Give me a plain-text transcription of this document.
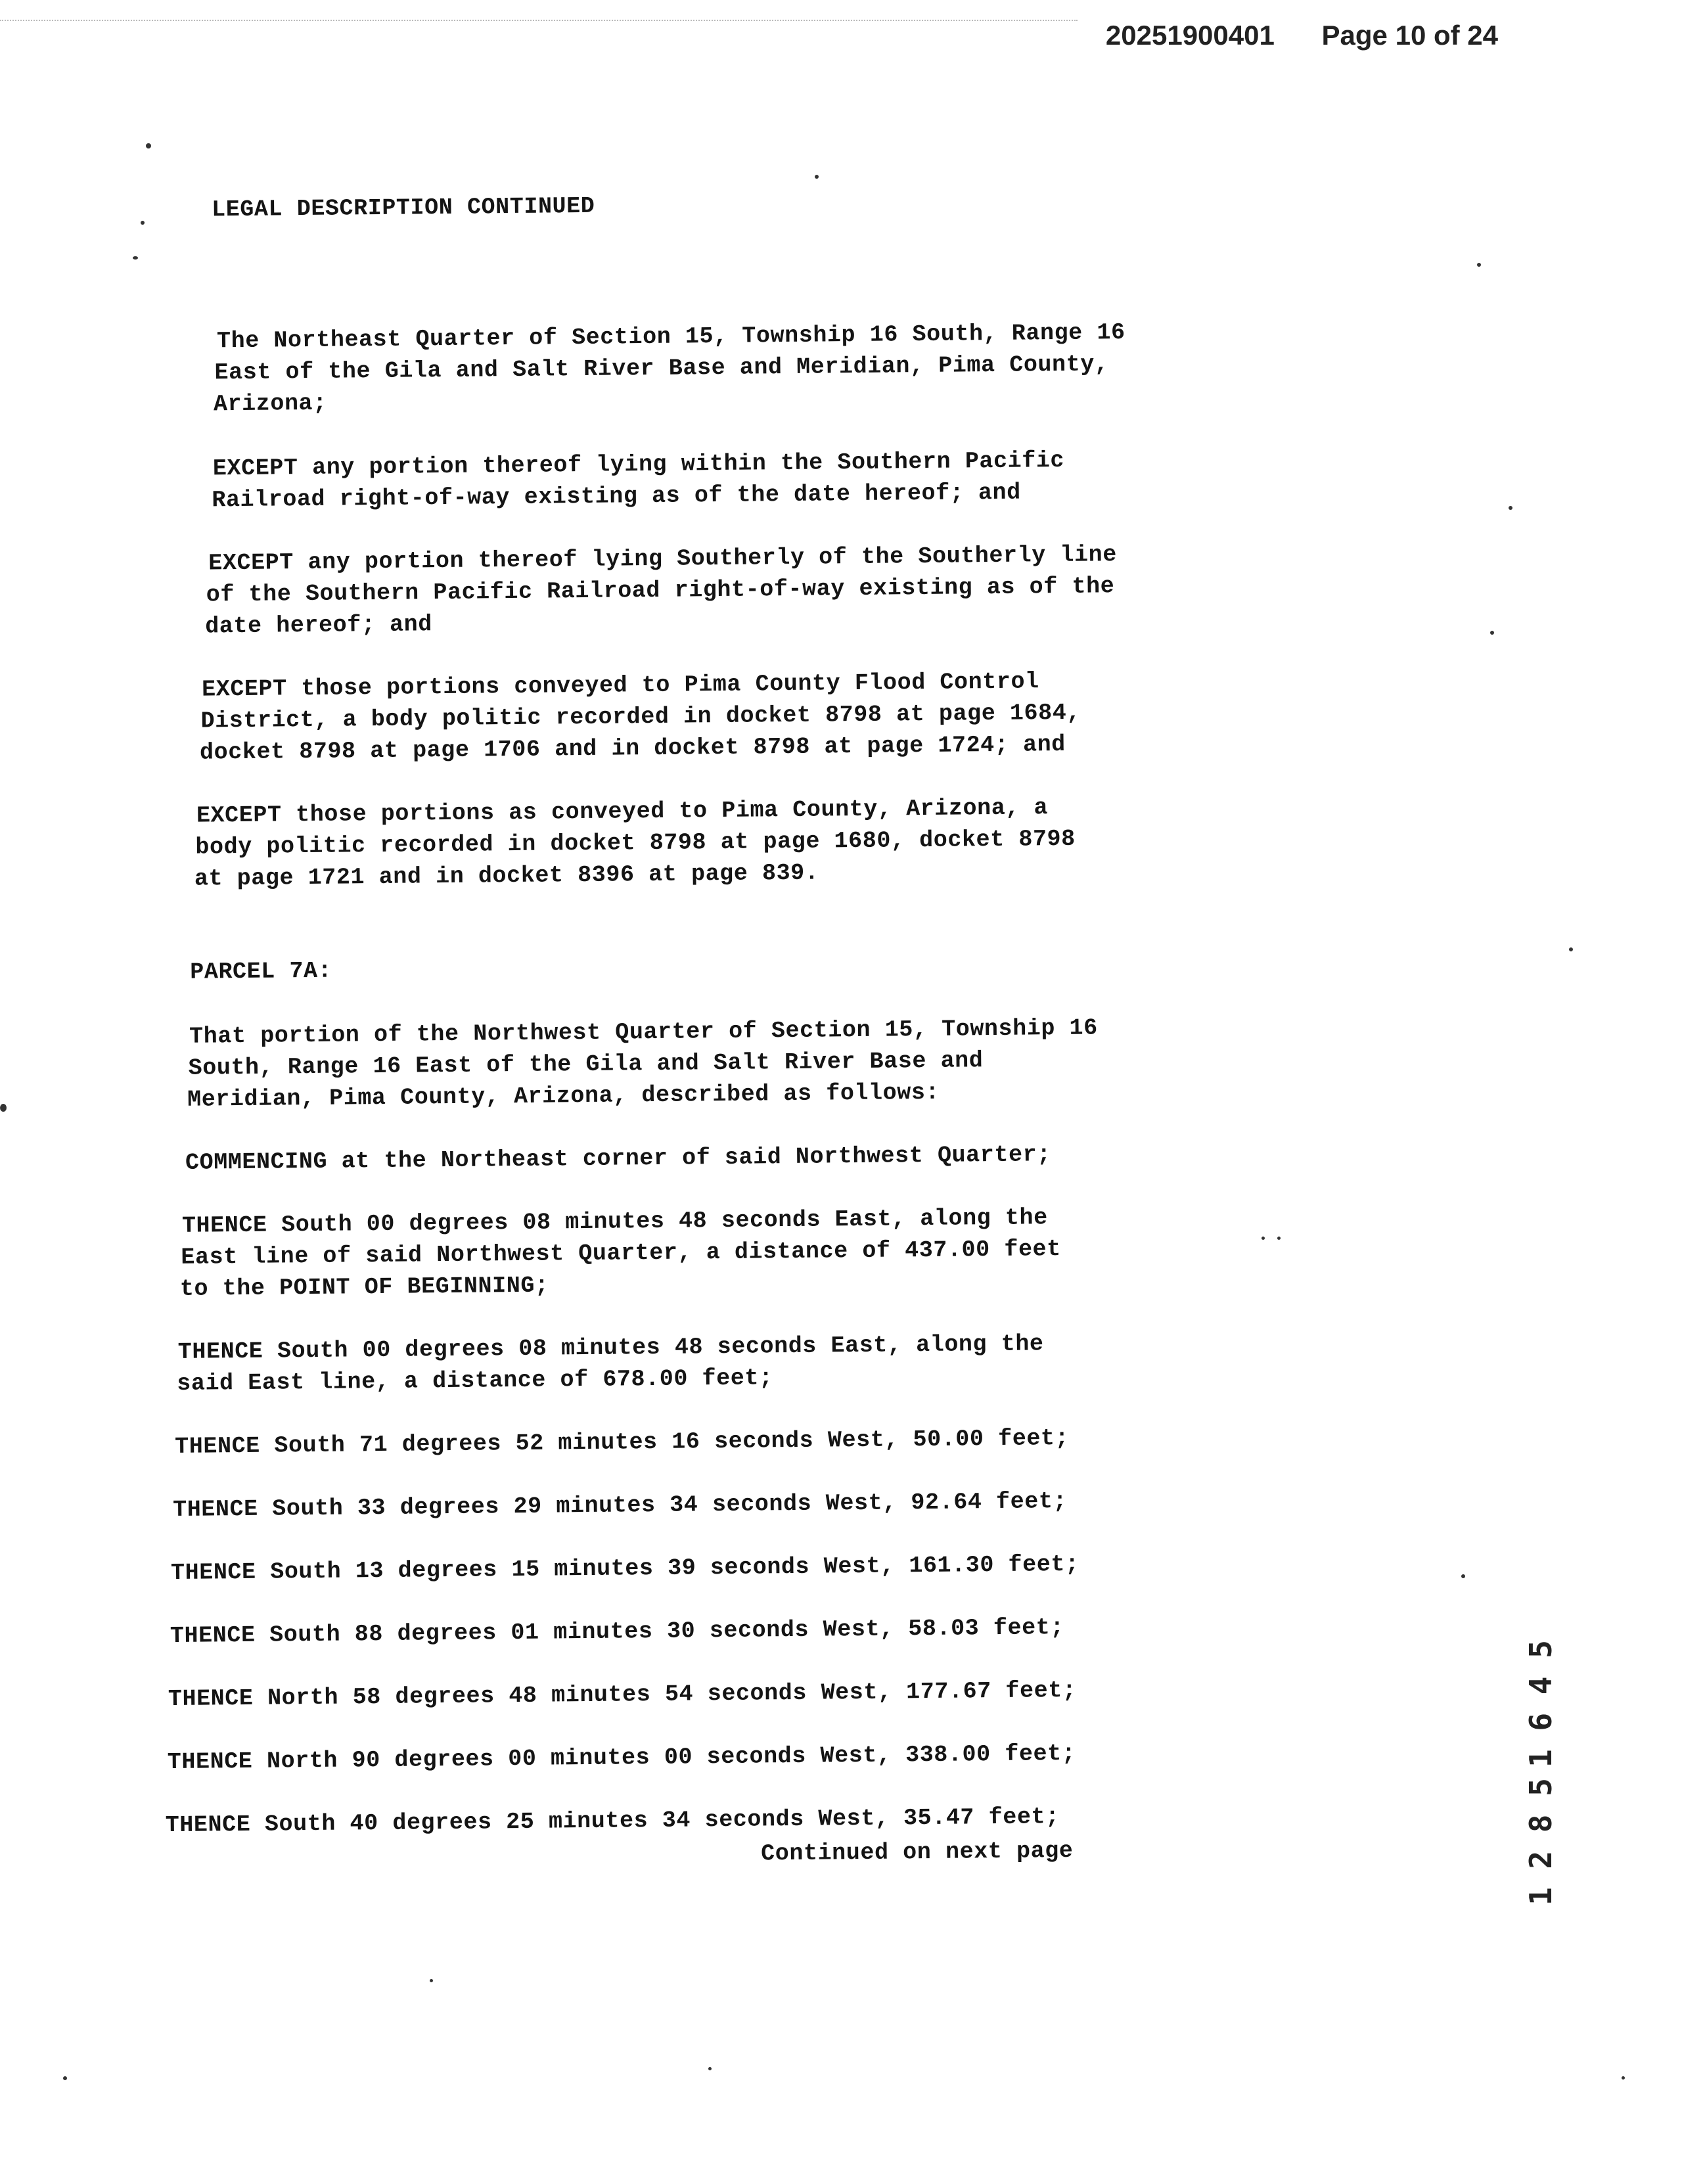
20251900401 Page 10 of 24
LEGAL DESCRIPTION CONTINUED
The Northeast Quarter of Section 15, Township 16 South, Range 16
East of the Gila and Salt River Base and Meridian, Pima County,
Arizona;
EXCEPT any portion thereof lying within the Southern Pacific
Railroad right-of-way existing as of the date hereof; and
EXCEPT any portion thereof lying Southerly of the Southerly line
of the Southern Pacific Railroad right-of-way existing as of the
date hereof; and
EXCEPT those portions conveyed to Pima County Flood Control
District, a body politic recorded in docket 8798 at page 1684,
docket 8798 at page 1706 and in docket 8798 at page 1724; and
EXCEPT those portions as conveyed to Pima County, Arizona, a
body politic recorded in docket 8798 at page 1680, docket 8798
at page 1721 and in docket 8396 at page 839.
PARCEL 7A:
That portion of the Northwest Quarter of Section 15, Township 16
South, Range 16 East of the Gila and Salt River Base and
Meridian, Pima County, Arizona, described as follows:
COMMENCING at the Northeast corner of said Northwest Quarter;
THENCE South 00 degrees 08 minutes 48 seconds East, along the
East line of said Northwest Quarter, a distance of 437.00 feet
to the POINT OF BEGINNING;
THENCE South 00 degrees 08 minutes 48 seconds East, along the
said East line, a distance of 678.00 feet;
THENCE South 71 degrees 52 minutes 16 seconds West, 50.00 feet;
THENCE South 33 degrees 29 minutes 34 seconds West, 92.64 feet;
THENCE South 13 degrees 15 minutes 39 seconds West, 161.30 feet;
THENCE South 88 degrees 01 minutes 30 seconds West, 58.03 feet;
THENCE North 58 degrees 48 minutes 54 seconds West, 177.67 feet;
THENCE North 90 degrees 00 minutes 00 seconds West, 338.00 feet;
THENCE South 40 degrees 25 minutes 34 seconds West, 35.47 feet;
Continued on next page
1 6 4 5
1 2 8 5
